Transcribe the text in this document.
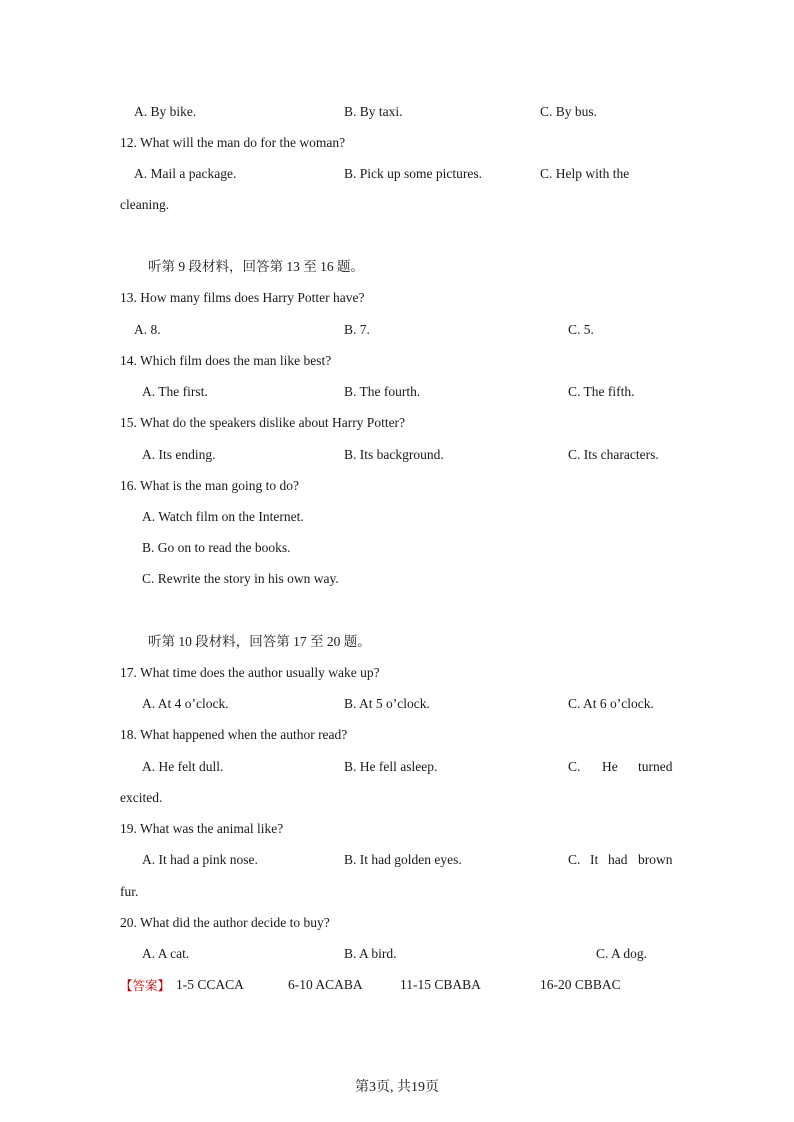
A. By bike.	B. By taxi.	C. By bus.
12. What will the man do for the woman?
A. Mail a package.	B. Pick up some pictures.	C. Help with the
cleaning.
听第 9 段材料，回答第 13 至 16 题。
13. How many films does Harry Potter have?
A. 8.	B. 7.	C. 5.
14. Which film does the man like best?
A. The first.	B. The fourth.	C. The fifth.
15. What do the speakers dislike about Harry Potter?
A. Its ending.	B. Its background.	C. Its characters.
16. What is the man going to do?
A. Watch film on the Internet.
B. Go on to read the books.
C. Rewrite the story in his own way.
听第 10 段材料，回答第 17 至 20 题。
17. What time does the author usually wake up?
A. At 4 o’clock.	B. At 5 o’clock.	C. At 6 o’clock.
18. What happened when the author read?
A. He felt dull.	B. He fell asleep.	C. He turned
excited.
19. What was the animal like?
A. It had a pink nose.	B. It had golden eyes.	C. It had brown
fur.
20. What did the author decide to buy?
A. A cat.	B. A bird.	C. A dog.
【答案】 1-5 CCACA	6-10 ACABA	11-15 CBABA	16-20 CBBAC
第3页, 共19页
